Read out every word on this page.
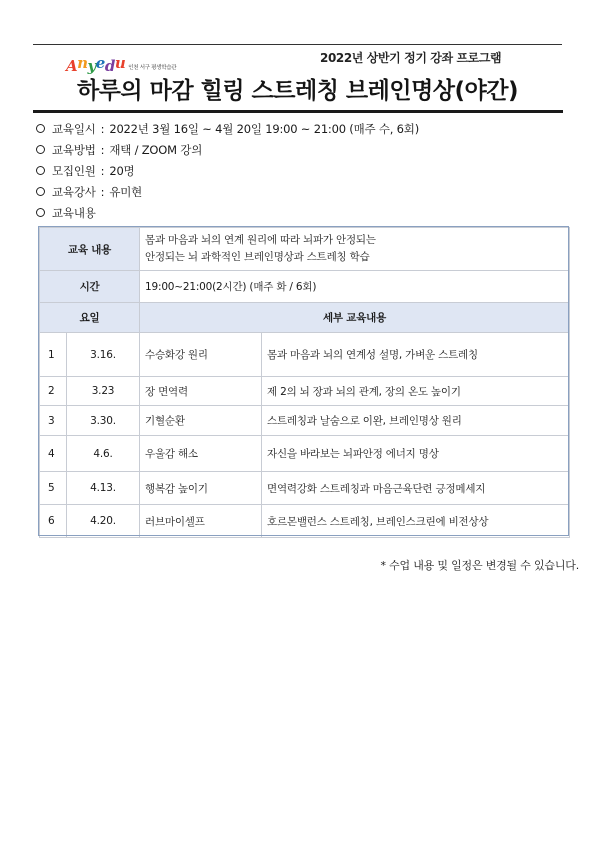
Anyedu 인천 서구 평생학습관
2022년 상반기 정기 강좌 프로그램
하루의 마감 힐링 스트레칭 브레인명상(야간)
교육일시 : 2022년 3월 16일 ~ 4월 20일 19:00 ~ 21:00 (매주 수, 6회)
교육방법 : 재택 / ZOOM 강의
모집인원 : 20명
교육강사 : 유미현
교육내용
교육 내용		몸과 마음과 뇌의 연계 원리에 따라 뇌파가 안정되는
안정되는 뇌 과학적인 브레인명상과 스트레칭 학습	

시간		19:00~21:00(2시간) (매주 화 / 6회)	
요일		세부 교육내용	
1	3.16.	수승화강 원리	몸과 마음과 뇌의 연계성 설명, 가벼운 스트레칭
2	3.23	장 면역력	제 2의 뇌 장과 뇌의 관계, 장의 온도 높이기
3	3.30.	기혈순환	스트레칭과 날숨으로 이완, 브레인명상 원리
4	4.6.	우울감 해소	자신을 바라보는 뇌파안정 에너지 명상
5	4.13.	행복감 높이기	면역력강화 스트레칭과 마음근육단련 긍정메세지
6	4.20.	러브마이셀프	호르몬밸런스 스트레칭, 브레인스크린에 비전상상
* 수업 내용 및 일정은 변경될 수 있습니다.
